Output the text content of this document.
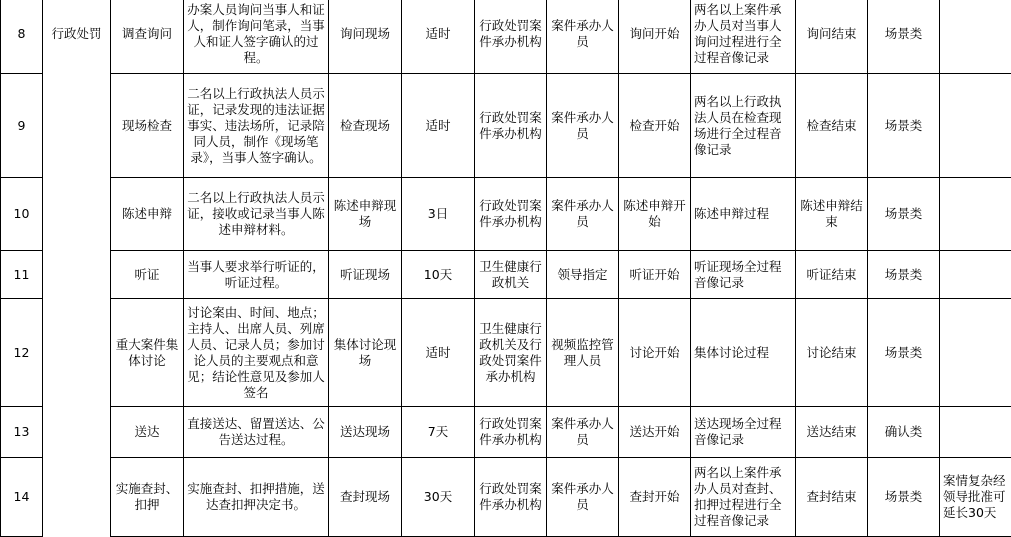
8	行政处罚	调查询问	办案人员询问当事人和证人，制作询问笔录，当事人和证人签字确认的过程。	询问现场	适时	行政处罚案件承办机构	案件承办人员	询问开始	两名以上案件承办人员对当事人询问过程进行全过程音像记录	询问结束	场景类	
9		现场检查	二名以上行政执法人员示证，记录发现的违法证据事实、违法场所，记录陪同人员，制作《现场笔录》，当事人签字确认。	检查现场	适时	行政处罚案件承办机构	案件承办人员	检查开始	两名以上行政执法人员在检查现场进行全过程音像记录	检查结束	场景类	
10		陈述申辩	二名以上行政执法人员示证，接收或记录当事人陈述申辩材料。	陈述申辩现场	3日	行政处罚案件承办机构	案件承办人员	陈述申辩开始	陈述申辩过程	陈述申辩结束	场景类	
11		听证	当事人要求举行听证的，听证过程。	听证现场	10天	卫生健康行政机关	领导指定	听证开始	听证现场全过程音像记录	听证结束	场景类	
12		重大案件集体讨论	讨论案由、时间、地点；主持人、出席人员、列席人员、记录人员；参加讨论人员的主要观点和意见；结论性意见及参加人签名	集体讨论现场	适时	卫生健康行政机关及行政处罚案件承办机构	视频监控管理人员	讨论开始	集体讨论过程	讨论结束	场景类	
13		送达	直接送达、留置送达、公告送达过程。	送达现场	7天	行政处罚案件承办机构	案件承办人员	送达开始	送达现场全过程音像记录	送达结束	确认类	
14		实施查封、扣押	实施查封、扣押措施，送达查扣押决定书。	查封现场	30天	行政处罚案件承办机构	案件承办人员	查封开始	两名以上案件承办人员对查封、扣押过程进行全过程音像记录	查封结束	场景类	案情复杂经领导批准可延长30天
